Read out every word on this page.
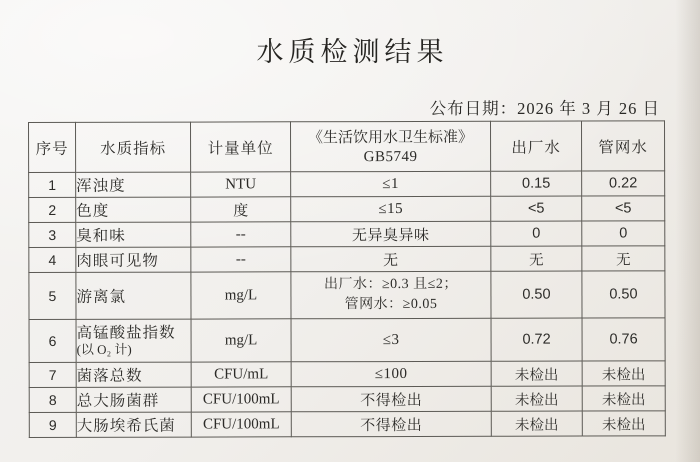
水质检测结果
公布日期：2026 年 3 月 26 日
序号	水质指标	计量单位	《生活饮用水卫生标准》
GB5749	出厂水	管网水
1	浑浊度	NTU	≤1	0.15	0.22
2	色度	度	≤15	<5	<5
3	臭和味	--	无异臭异味	0	0
4	肉眼可见物	--	无	无	无
5	游离氯	mg/L	出厂水：≥0.3 且≤2；
管网水：≥0.05	0.50	0.50
6	高锰酸盐指数
(以 O₂ 计)	mg/L	≤3	0.72	0.76
7	菌落总数	CFU/mL	≤100	未检出	未检出
8	总大肠菌群	CFU/100mL	不得检出	未检出	未检出
9	大肠埃希氏菌	CFU/100mL	不得检出	未检出	未检出
